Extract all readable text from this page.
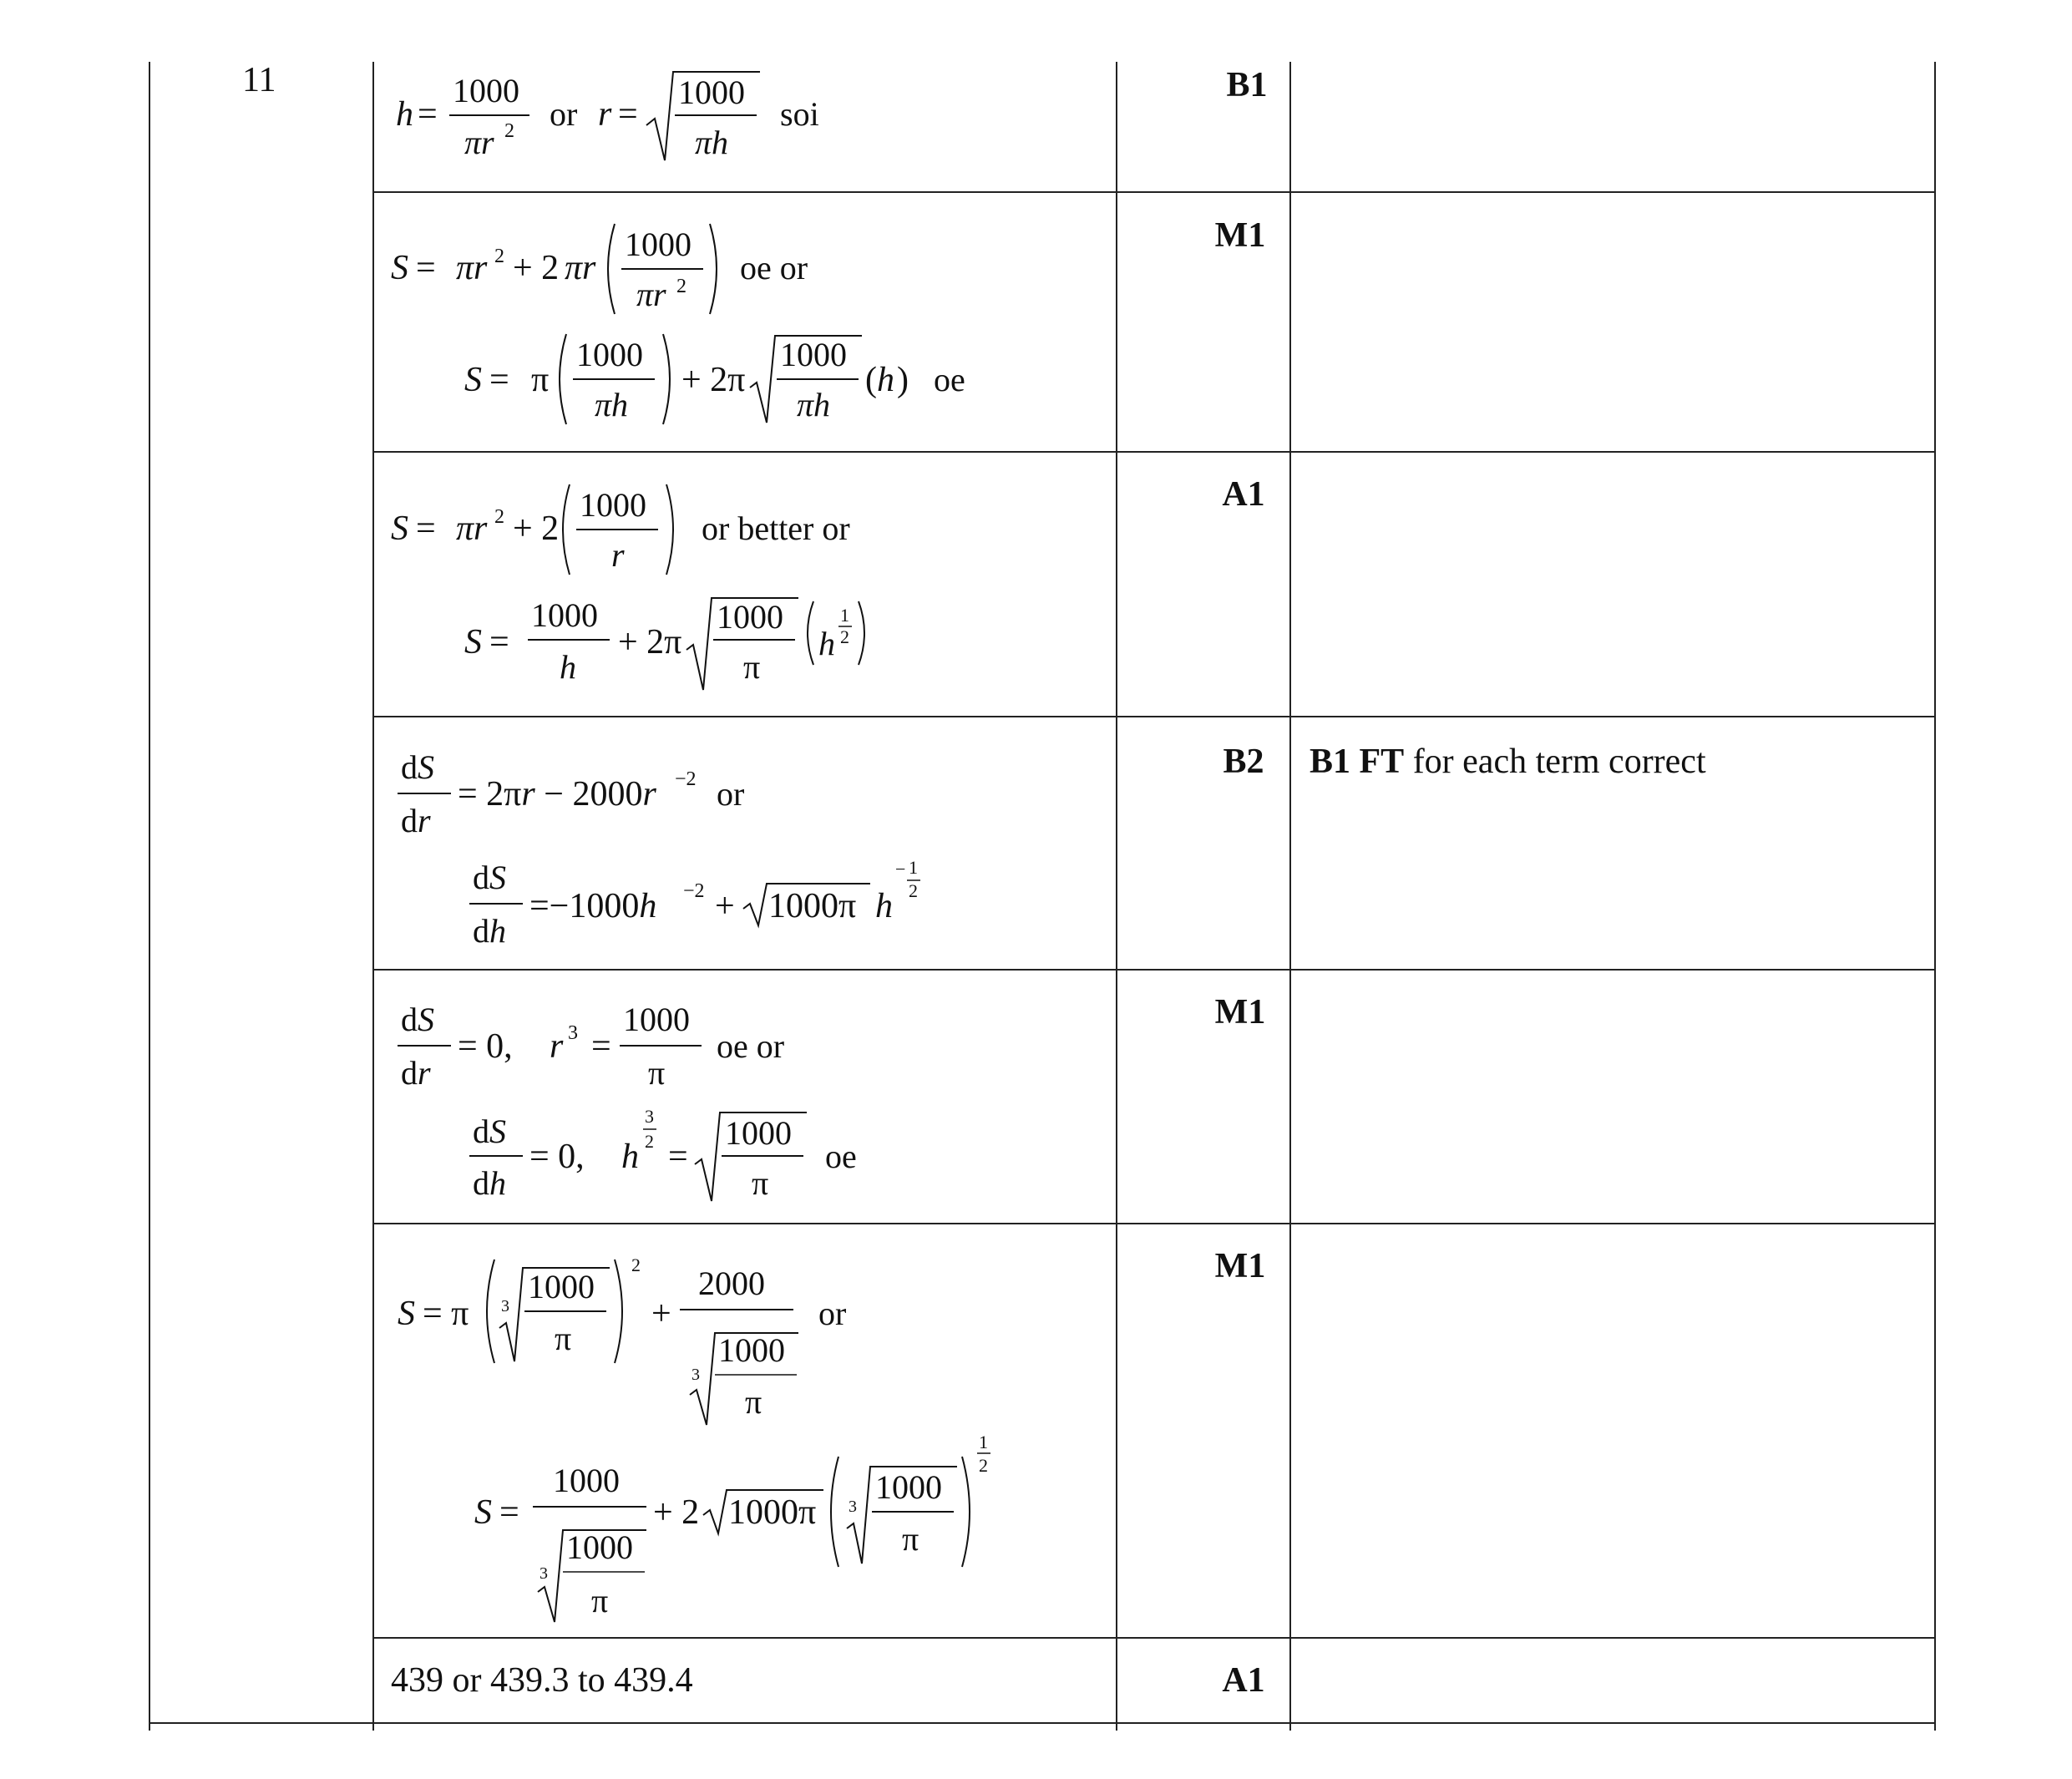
11	B1
M1
A1
B2
M1
M1
A1
B1 FT for each term correct
h =
1000
πr 2 or r =
1000
πh
soi
S = πr 2 + 2 πr
1000
πr 2 oe or
S = π
1000
πh
+ 2π
1000
πh
( h ) oe
S = πr 2 + 2
1000
r
or better or
S =
1000
h
+ 2π
1000
π
h
1
2
dS
dr
= 2πr − 2000r −2 or
dS
dh
=−1000h −2 + 1000π h
− 1
2
dS
dr
= 0, r 3 =
1000
π
oe or
dS
dh
= 0, h
3
2 =
1000
π
oe
S = π 3
1000
π
2
+
2000
3
1000
π
or
S =
1000
3
1000
π
+ 2 1000π 3
1000
π
1
2
439 or 439.3 to 439.4
